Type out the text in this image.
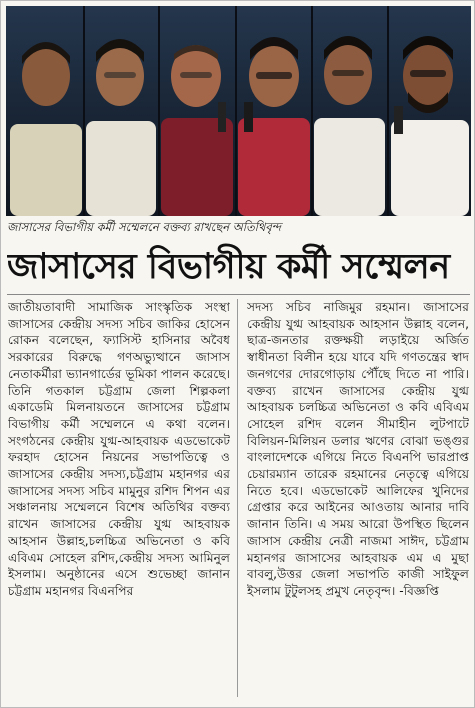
জাসাসের বিভাগীয় কর্মী সম্মেলনে বক্তব্য রাখছেন অতিথিবৃন্দ
জাসাসের বিভাগীয় কর্মী সম্মেলন
জাতীয়তাবাদী সামাজিক সাংস্কৃতিক সংস্থা জাসাসের কেন্দ্রীয় সদস্য সচিব জাকির হোসেন রোকন বলেছেন, ফ্যাসিস্ট হাসিনার অবৈধ সরকারের বিরুদ্ধে গণঅভ্যুত্থানে জাসাস নেতাকর্মীরা ভ্যানগার্ডের ভূমিকা পালন করেছে। তিনি গতকাল চট্টগ্রাম জেলা শিল্পকলা একাডেমি মিলনায়তনে জাসাসের চট্টগ্রাম বিভাগীয় কর্মী সম্মেলনে এ কথা বলেন। সংগঠনের কেন্দ্রীয় যুগ্ম-আহবায়ক এডভোকেট ফরহাদ হোসেন নিয়নের সভাপতিত্বে ও জাসাসের কেন্দ্রীয় সদস্য,চট্টগ্রাম মহানগর এর জাসাসের সদস্য সচিব মামুনুর রশিদ শিপন এর সঞ্চালনায় সম্মেলনে বিশেষ অতিথির বক্তব্য রাখেন জাসাসের কেন্দ্রীয় যুগ্ম আহবায়ক আহসান উল্লাহ,চলচ্চিত্র অভিনেতা ও কবি এবিএম সোহেল রশিদ,কেন্দ্রীয় সদস্য আমিনুল ইসলাম। অনুষ্ঠানের এসে শুভেচ্ছা জানান চট্টগ্রাম মহানগর বিএনপির
সদস্য সচিব নাজিমুর রহমান। জাসাসের কেন্দ্রীয় যুগ্ম আহবায়ক আহসান উল্লাহ বলেন, ছাত্র-জনতার রক্তক্ষয়ী লড়াইয়ে অর্জিত স্বাধীনতা বিলীন হয়ে যাবে যদি গণতন্ত্রের স্বাদ জনগণের দোরগোড়ায় পৌঁছে দিতে না পারি। বক্তব্য রাখেন জাসাসের কেন্দ্রীয় যুগ্ম আহবায়ক চলচ্চিত্র অভিনেতা ও কবি এবিএম সোহেল রশিদ বলেন সীমাহীন লুটপাটে বিলিয়ন-মিলিয়ন ডলার ঋণের বোঝা ভঙ্গুর বাংলাদেশকে এগিয়ে নিতে বিএনপি ভারপ্রাপ্ত চেয়ারম্যান তারেক রহমানের নেতৃত্বে এগিয়ে নিতে হবে। এডভোকেট আলিফের খুনিদের গ্রেপ্তার করে আইনের আওতায় আনার দাবি জানান তিনি। এ সময় আরো উপস্থিত ছিলেন জাসাস কেন্দ্রীয় নেত্রী নাজমা সাঈদ, চট্টগ্রাম মহানগর জাসাসের আহবায়ক এম এ মুছা বাবলু,উত্তর জেলা সভাপতি কাজী সাইফুল ইসলাম টুটুলসহ প্রমুখ নেতৃবৃন্দ। -বিজ্ঞপ্তি
